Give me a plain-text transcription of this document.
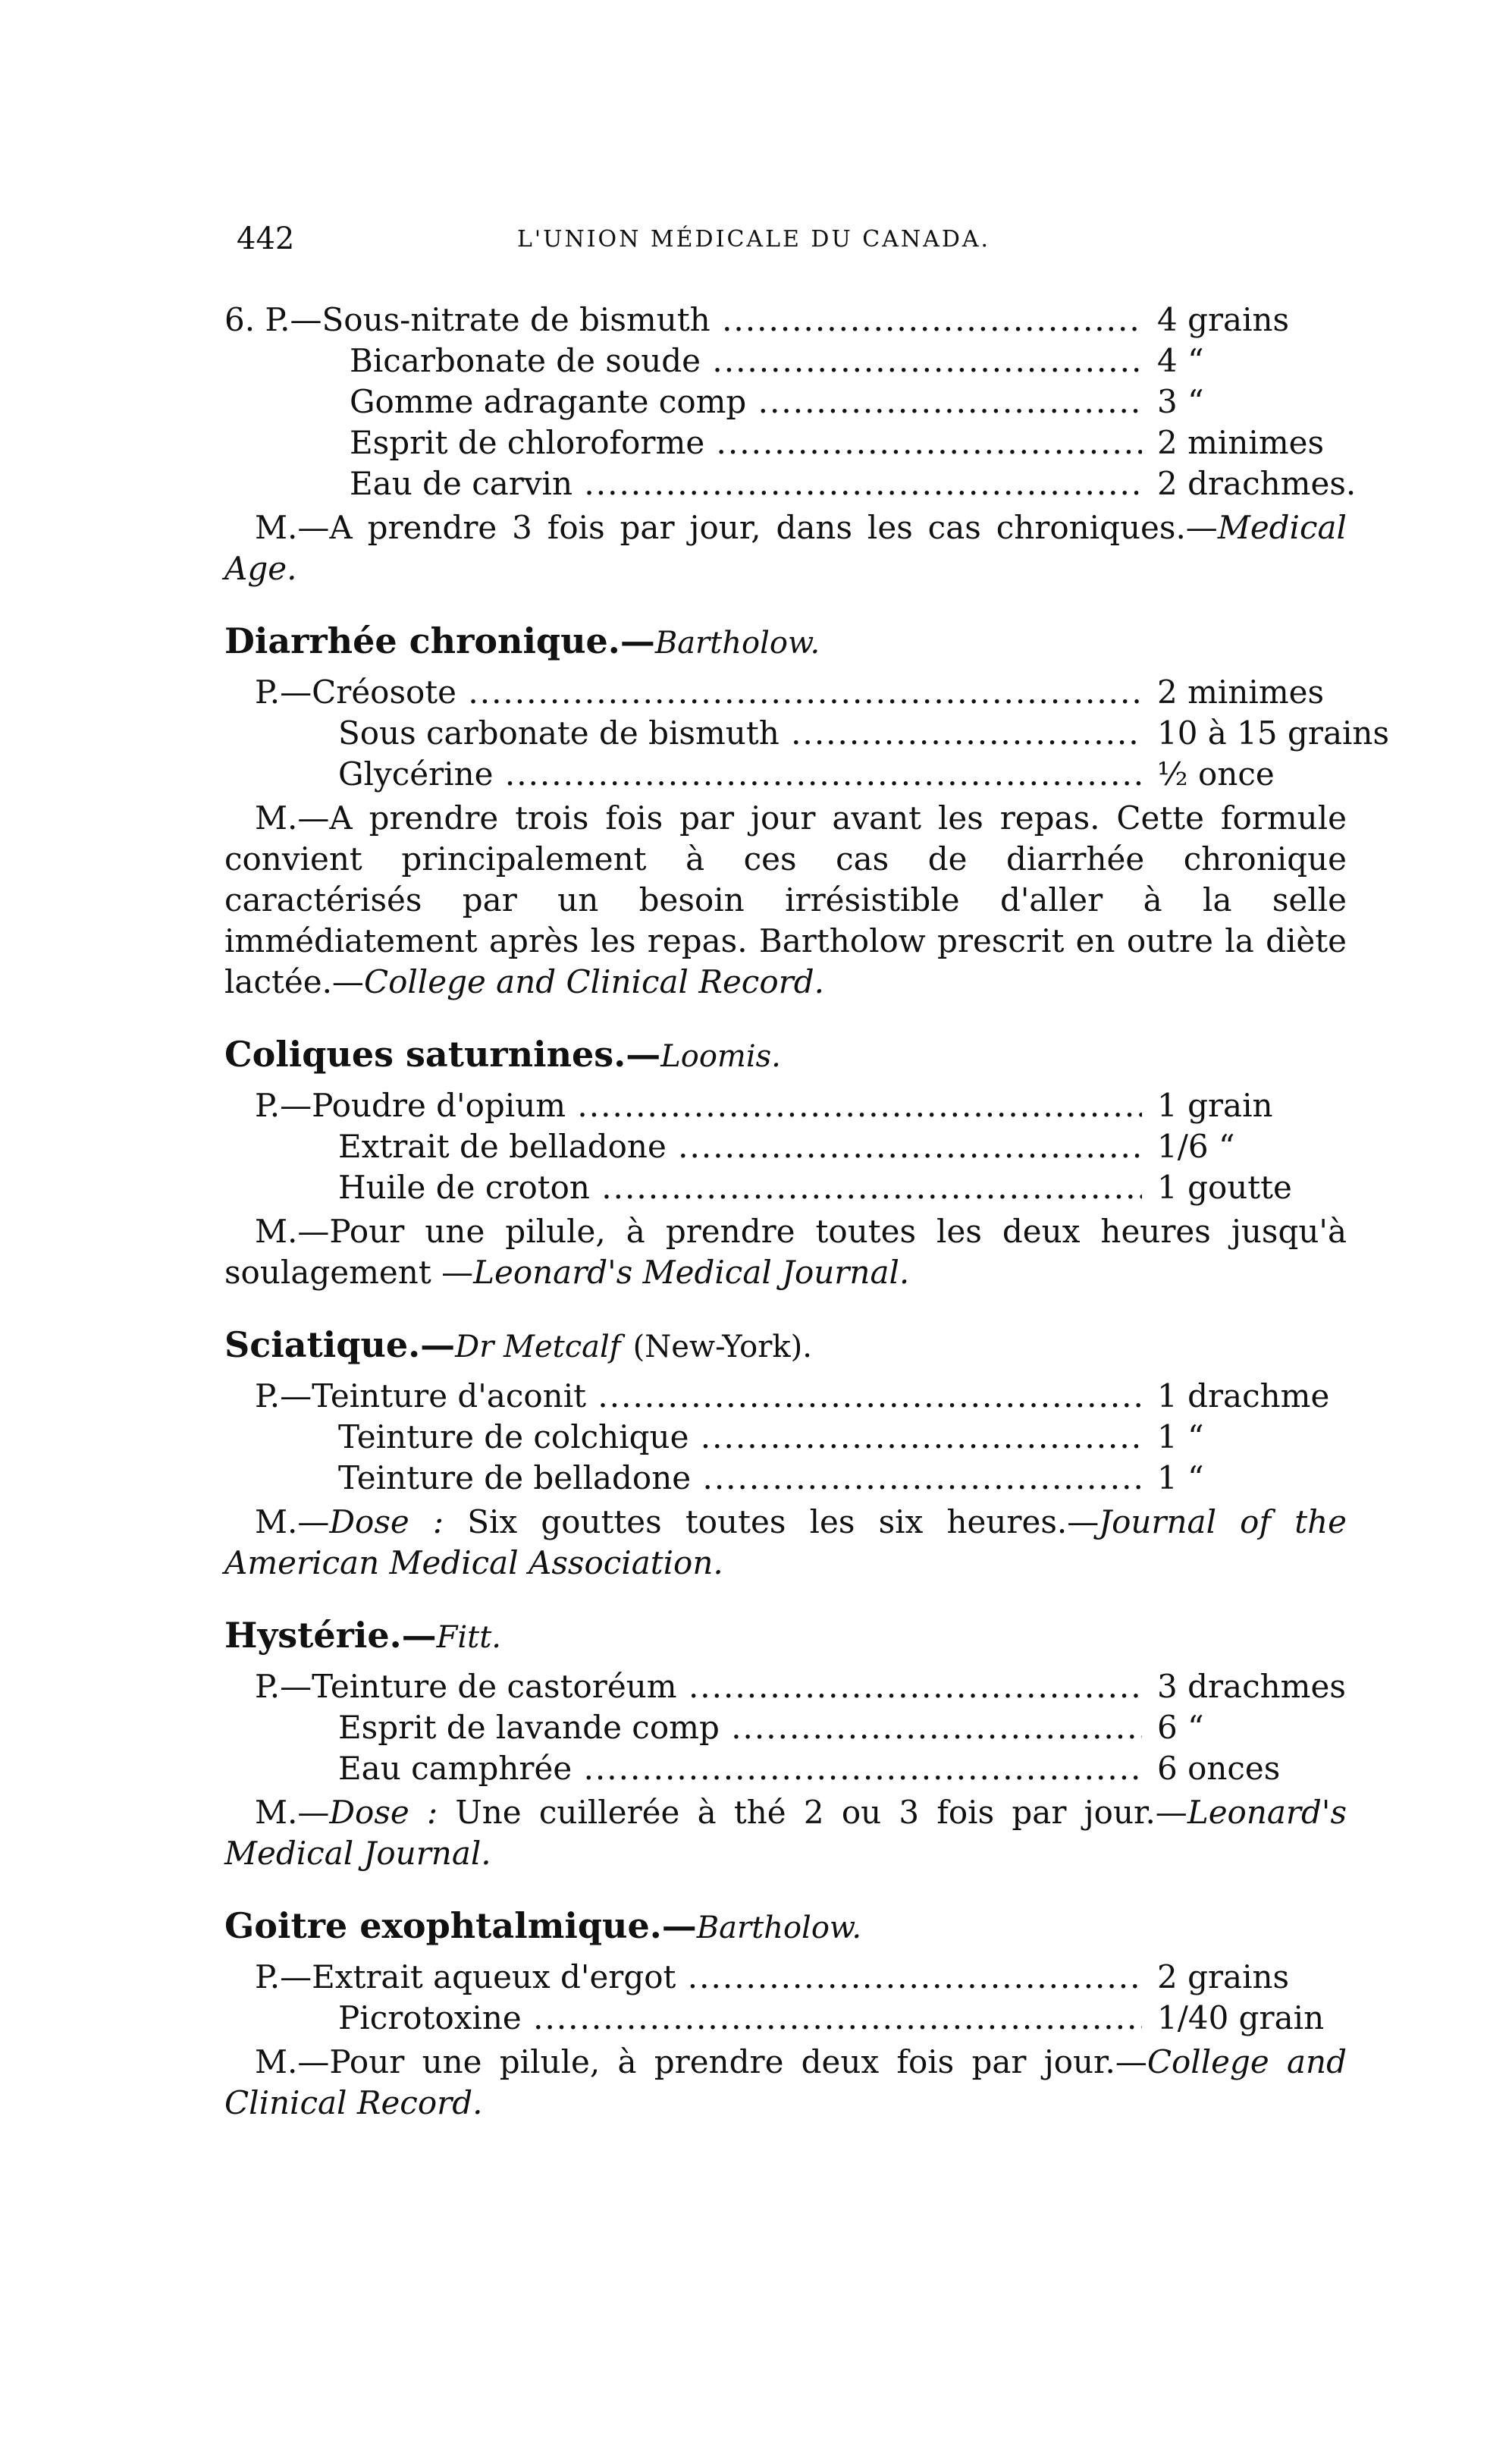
442	L'UNION MÉDICALE DU CANADA.
6. P.—Sous-nitrate de bismuth .....	4 grains
Bicarbonate de soude .....	4 “
Gomme adragante comp .....	3 “
Esprit de chloroforme .....	2 minimes
Eau de carvin .....	2 drachmes.
M.—A prendre 3 fois par jour, dans les cas chroniques.—Medical Age.
Diarrhée chronique.—Bartholow.
P.—Créosote .....	2 minimes
Sous carbonate de bismuth .....	10 à 15 grains
Glycérine .....	½ once
M.—A prendre trois fois par jour avant les repas. Cette formule convient principalement à ces cas de diarrhée chronique caractérisés par un besoin irrésistible d'aller à la selle immédiatement après les repas. Bartholow prescrit en outre la diète lactée.—College and Clinical Record.
Coliques saturnines.—Loomis.
P.—Poudre d'opium .....	1 grain
Extrait de belladone .....	1/6 “
Huile de croton .....	1 goutte
M.—Pour une pilule, à prendre toutes les deux heures jusqu'à soulagement —Leonard's Medical Journal.
Sciatique.—Dr Metcalf (New-York).
P.—Teinture d'aconit .....	1 drachme
Teinture de colchique .....	1 “
Teinture de belladone .....	1 “
M.—Dose : Six gouttes toutes les six heures.—Journal of the American Medical Association.
Hystérie.—Fitt.
P.—Teinture de castoréum .....	3 drachmes
Esprit de lavande comp .....	6 “
Eau camphrée .....	6 onces
M.—Dose : Une cuillerée à thé 2 ou 3 fois par jour.—Leonard's Medical Journal.
Goitre exophtalmique.—Bartholow.
P.—Extrait aqueux d'ergot .....	2 grains
Picrotoxine .....	1/40 grain
M.—Pour une pilule, à prendre deux fois par jour.—College and Clinical Record.
